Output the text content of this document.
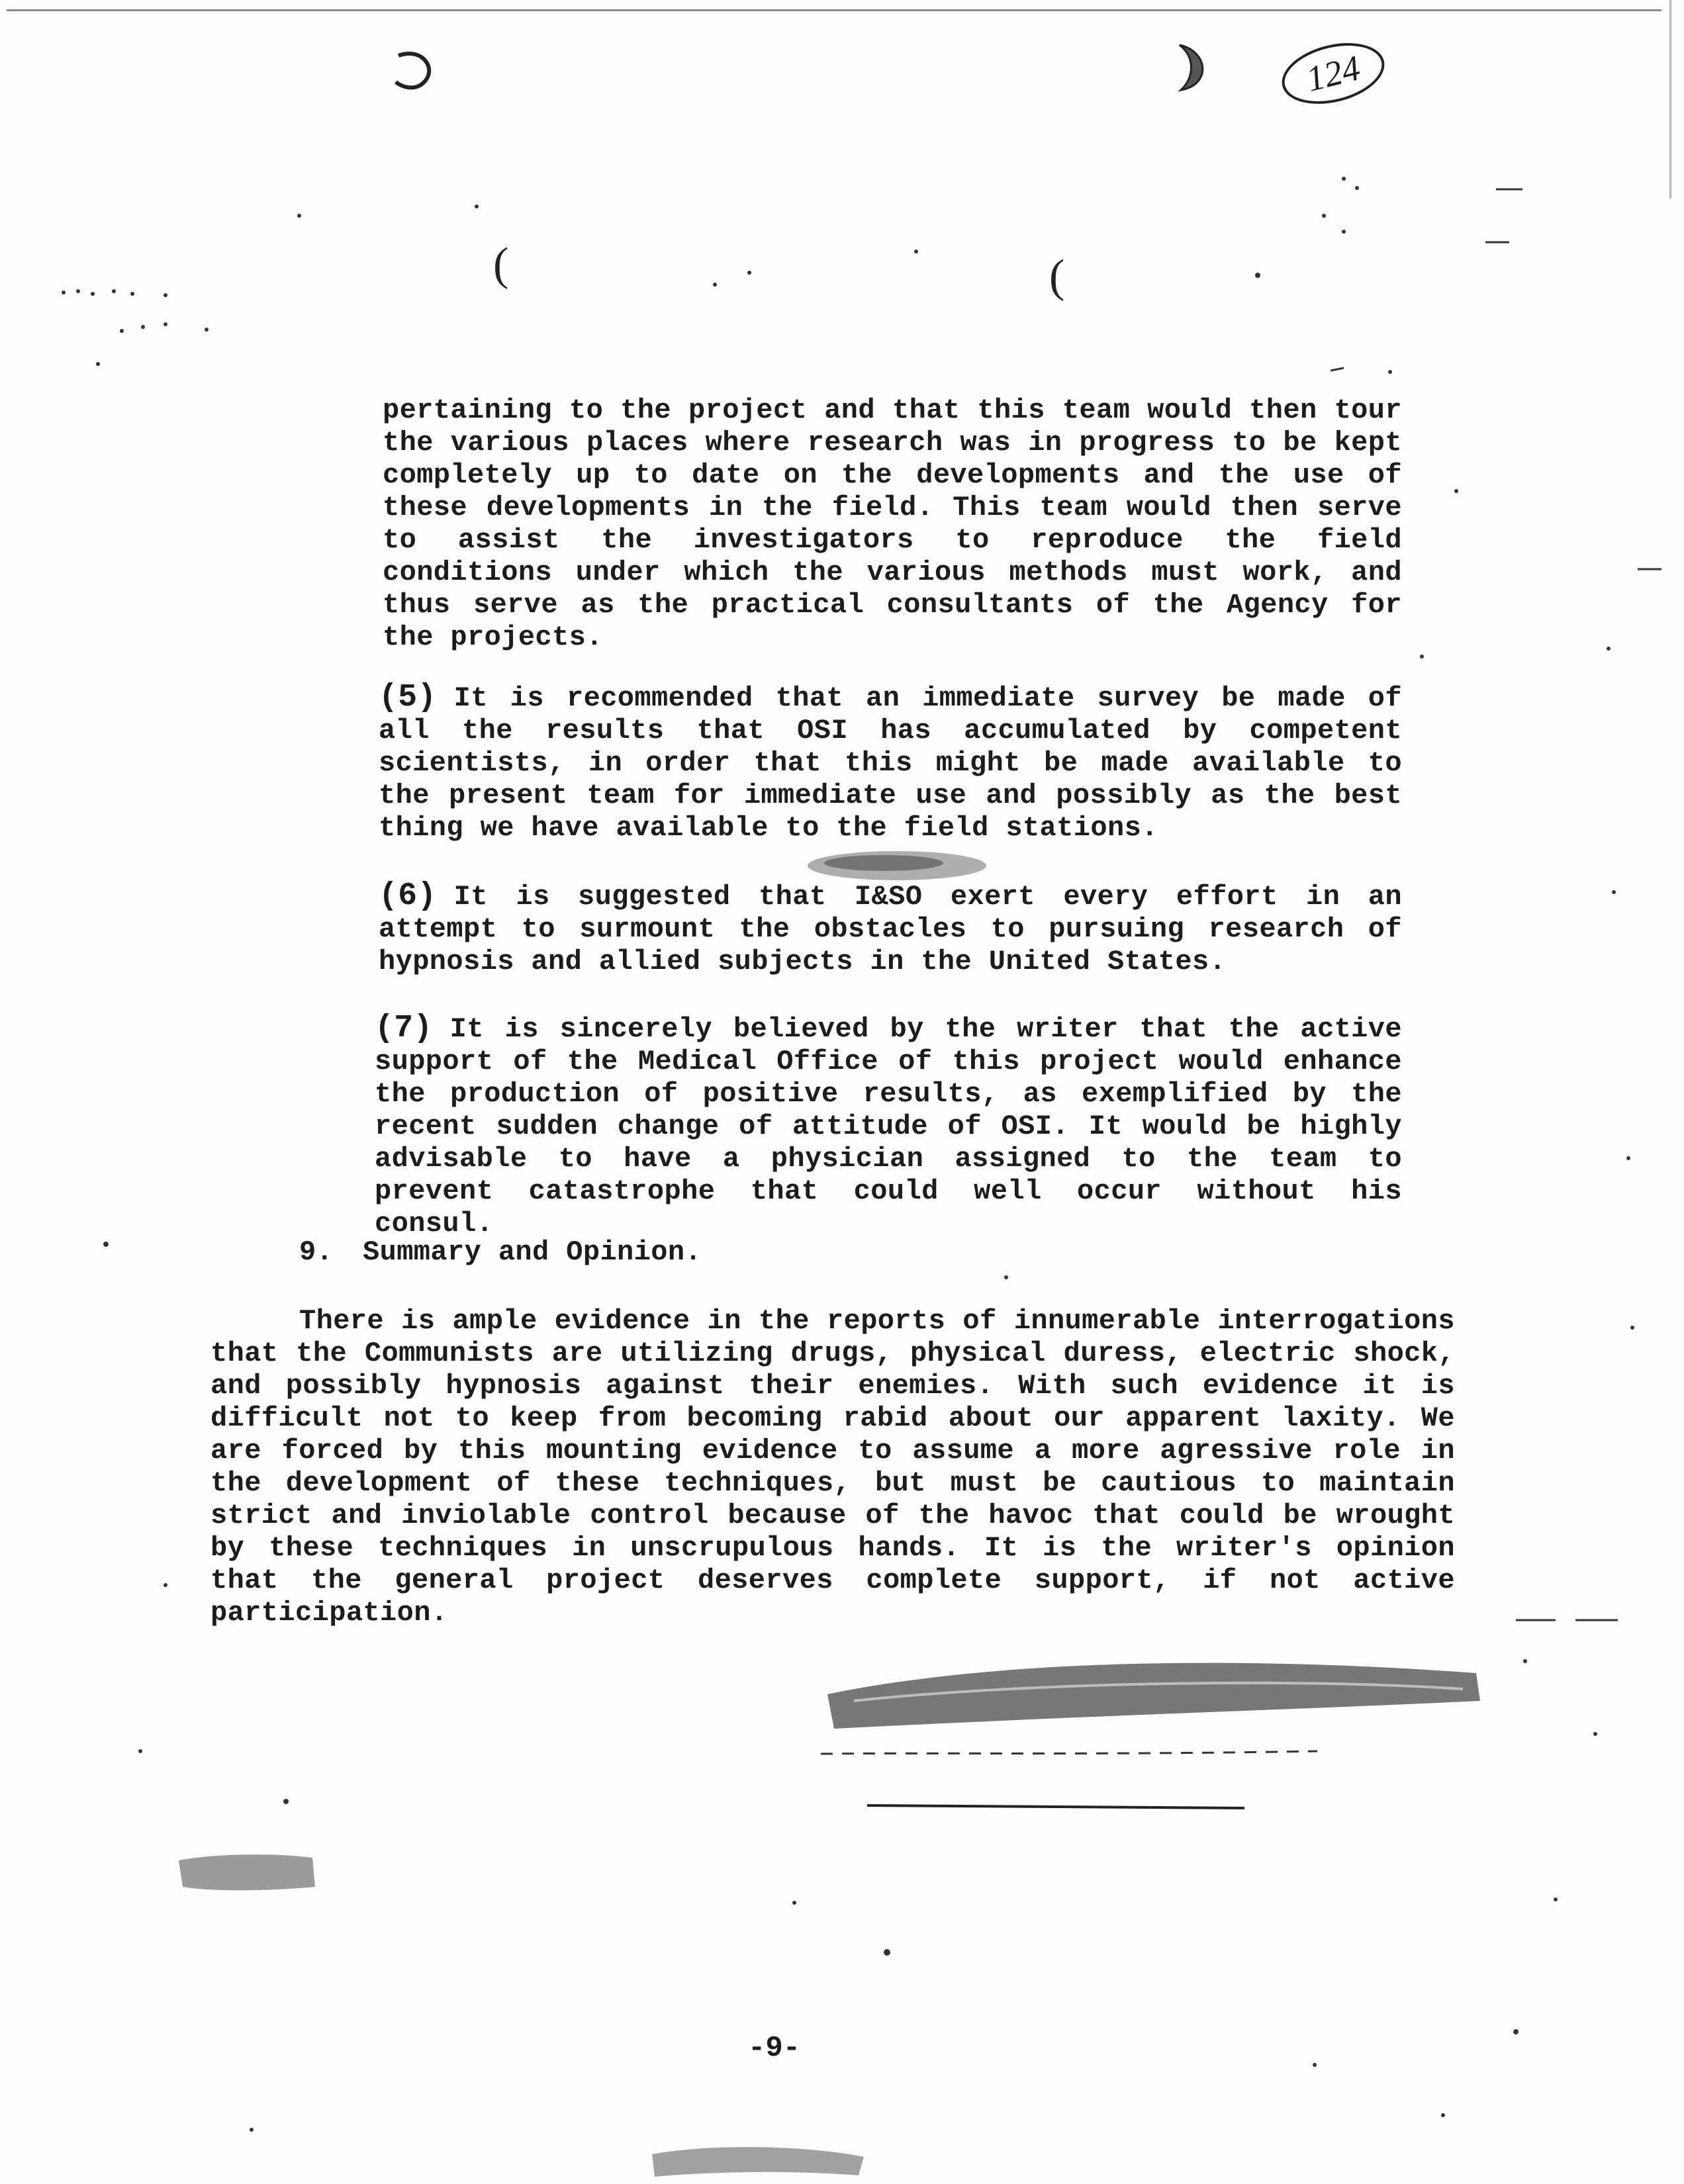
124
(	(

pertaining to the project and that this team would then tour the various places where research was in progress to be kept completely up to date on the developments and the use of these developments in the field. This team would then serve to assist the investigators to reproduce the field conditions under which the various methods must work, and thus serve as the practical consultants of the Agency for the projects.

(5) It is recommended that an immediate survey be made of all the results that OSI has accumulated by competent scientists, in order that this might be made available to the present team for immediate use and possibly as the best thing we have available to the field stations.

(6) It is suggested that I&SO exert every effort in an attempt to surmount the obstacles to pursuing research of hypnosis and allied subjects in the United States.

(7) It is sincerely believed by the writer that the active support of the Medical Office of this project would enhance the production of positive results, as exemplified by the recent sudden change of attitude of OSI. It would be highly advisable to have a physician assigned to the team to prevent catastrophe that could well occur without his consul.

9. Summary and Opinion.

There is ample evidence in the reports of innumerable interrogations that the Communists are utilizing drugs, physical duress, electric shock, and possibly hypnosis against their enemies. With such evidence it is difficult not to keep from becoming rabid about our apparent laxity. We are forced by this mounting evidence to assume a more agressive role in the development of these techniques, but must be cautious to maintain strict and inviolable control because of the havoc that could be wrought by these techniques in unscrupulous hands. It is the writer's opinion that the general project deserves complete support, if not active participation.

-9-
